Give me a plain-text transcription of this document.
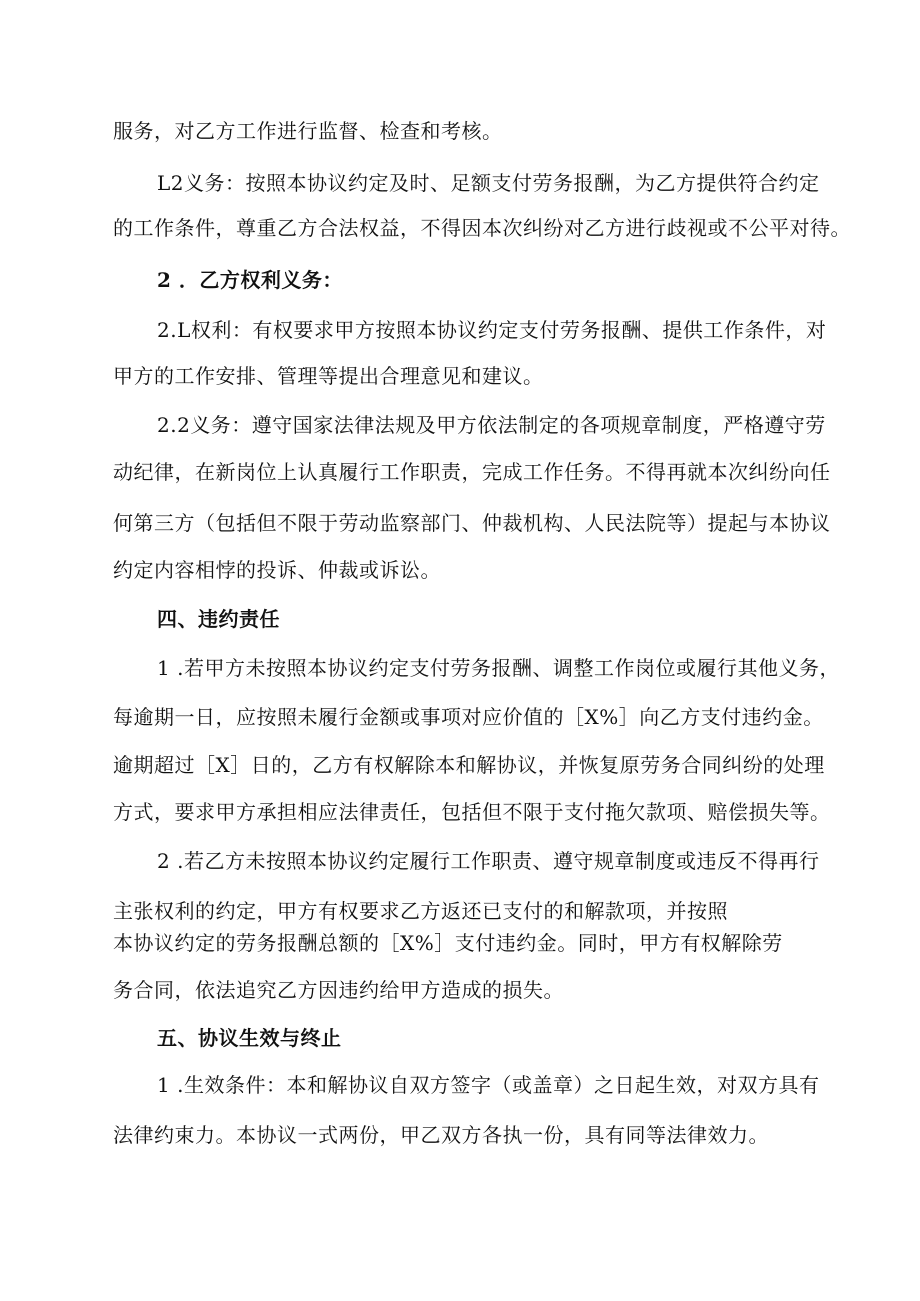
服务，对乙方工作进行监督、检查和考核。
L2义务：按照本协议约定及时、足额支付劳务报酬，为乙方提供符合约定
的工作条件，尊重乙方合法权益，不得因本次纠纷对乙方进行歧视或不公平对待。
2 ．乙方权利义务：
2.L权利：有权要求甲方按照本协议约定支付劳务报酬、提供工作条件，对
甲方的工作安排、管理等提出合理意见和建议。
2.2义务：遵守国家法律法规及甲方依法制定的各项规章制度，严格遵守劳
动纪律，在新岗位上认真履行工作职责，完成工作任务。不得再就本次纠纷向任
何第三方（包括但不限于劳动监察部门、仲裁机构、人民法院等）提起与本协议
约定内容相悖的投诉、仲裁或诉讼。
四、违约责任
1 .若甲方未按照本协议约定支付劳务报酬、调整工作岗位或履行其他义务，
每逾期一日，应按照未履行金额或事项对应价值的［X%］向乙方支付违约金。
逾期超过［X］日的，乙方有权解除本和解协议，并恢复原劳务合同纠纷的处理
方式，要求甲方承担相应法律责任，包括但不限于支付拖欠款项、赔偿损失等。
2 .若乙方未按照本协议约定履行工作职责、遵守规章制度或违反不得再行
主张权利的约定，甲方有权要求乙方返还已支付的和解款项，并按照
本协议约定的劳务报酬总额的［X%］支付违约金。同时，甲方有权解除劳
务合同，依法追究乙方因违约给甲方造成的损失。
五、协议生效与终止
1 .生效条件：本和解协议自双方签字（或盖章）之日起生效，对双方具有
法律约束力。本协议一式两份，甲乙双方各执一份，具有同等法律效力。
